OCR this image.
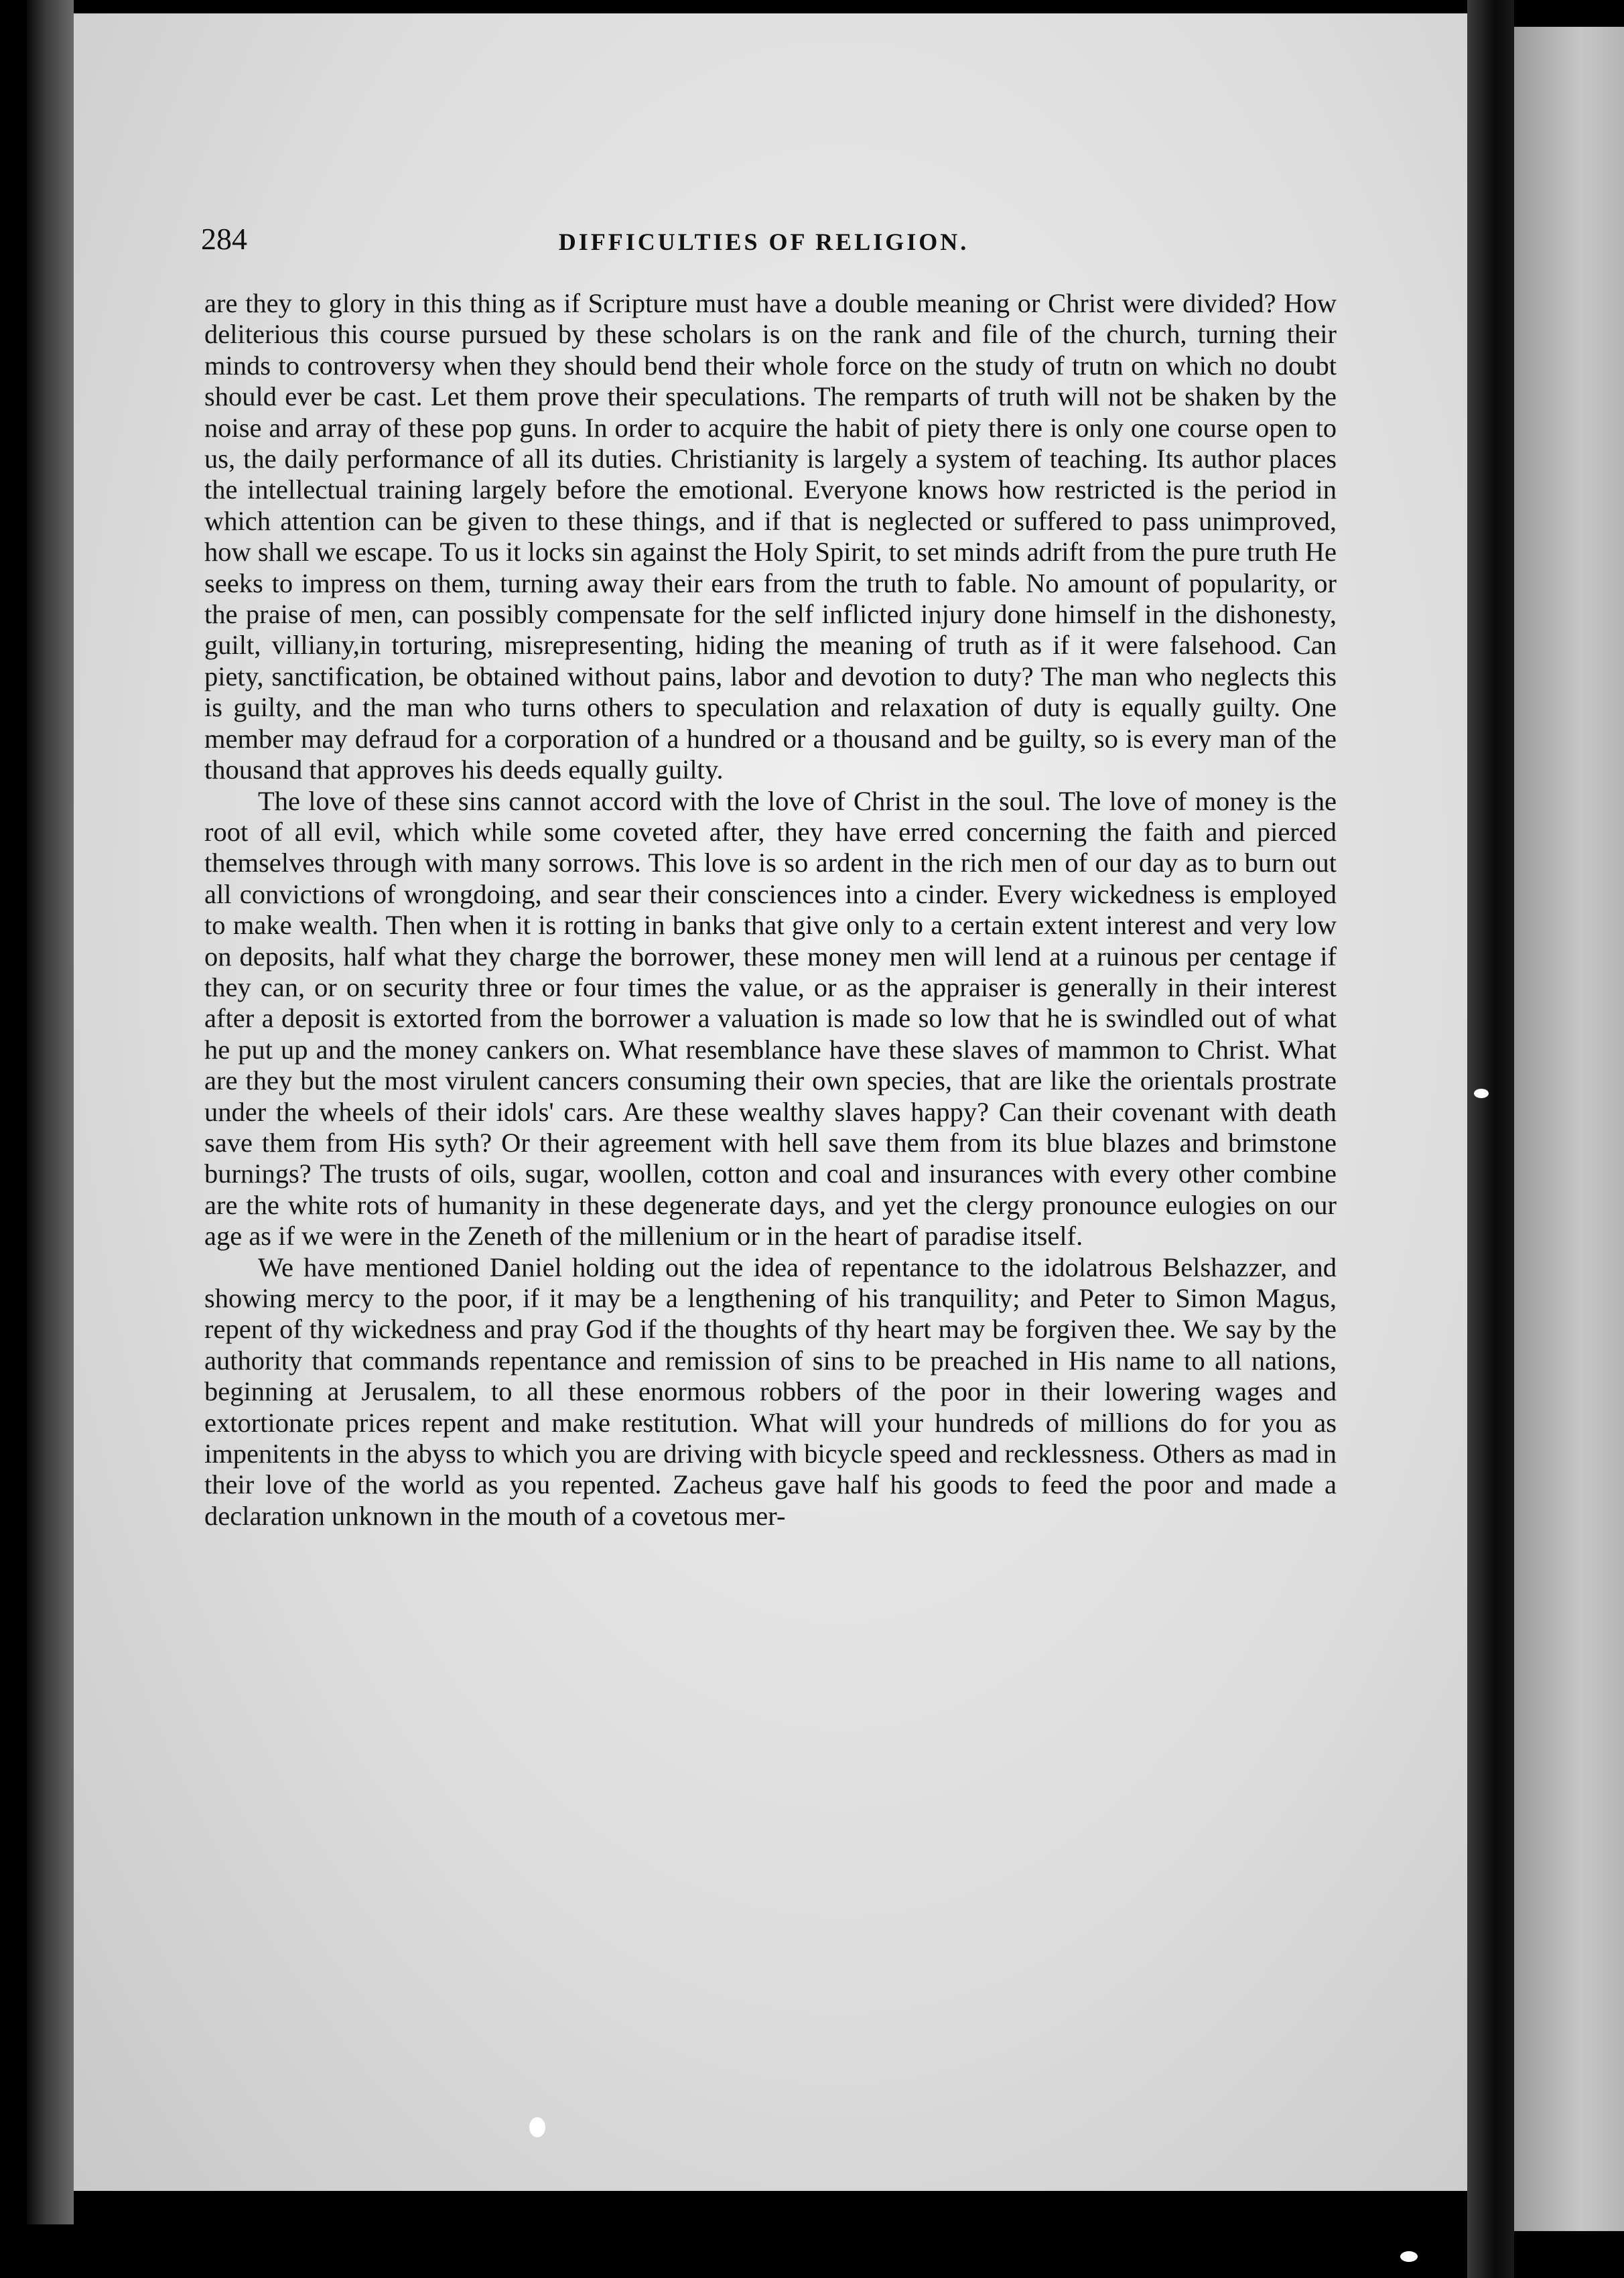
284	DIFFICULTIES OF RELIGION.

are they to glory in this thing as if Scripture must have a double meaning or Christ were divided? How deliterious this course pursued by these scholars is on the rank and file of the church, turning their minds to controversy when they should bend their whole force on the study of trutn on which no doubt should ever be cast. Let them prove their speculations. The remparts of truth will not be shaken by the noise and array of these pop guns. In order to acquire the habit of piety there is only one course open to us, the daily performance of all its duties. Christianity is largely a system of teaching. Its author places the intellectual training largely before the emotional. Everyone knows how restricted is the period in which attention can be given to these things, and if that is neglected or suffered to pass unimproved, how shall we escape. To us it locks sin against the Holy Spirit, to set minds adrift from the pure truth He seeks to impress on them, turning away their ears from the truth to fable. No amount of popularity, or the praise of men, can possibly compensate for the self inflicted injury done himself in the dishonesty, guilt, villiany,in torturing, misrepresenting, hiding the meaning of truth as if it were falsehood. Can piety, sanctification, be obtained without pains, labor and devotion to duty? The man who neglects this is guilty, and the man who turns others to speculation and relaxation of duty is equally guilty. One member may defraud for a corporation of a hundred or a thousand and be guilty, so is every man of the thousand that approves his deeds equally guilty.

The love of these sins cannot accord with the love of Christ in the soul. The love of money is the root of all evil, which while some coveted after, they have erred concerning the faith and pierced themselves through with many sorrows. This love is so ardent in the rich men of our day as to burn out all convictions of wrongdoing, and sear their consciences into a cinder. Every wickedness is employed to make wealth. Then when it is rotting in banks that give only to a certain extent interest and very low on deposits, half what they charge the borrower, these money men will lend at a ruinous per centage if they can, or on security three or four times the value, or as the appraiser is generally in their interest after a deposit is extorted from the borrower a valuation is made so low that he is swindled out of what he put up and the money cankers on. What resemblance have these slaves of mammon to Christ. What are they but the most virulent cancers consuming their own species, that are like the orientals prostrate under the wheels of their idols' cars. Are these wealthy slaves happy? Can their covenant with death save them from His syth? Or their agreement with hell save them from its blue blazes and brimstone burnings? The trusts of oils, sugar, woollen, cotton and coal and insurances with every other combine are the white rots of humanity in these degenerate days, and yet the clergy pronounce eulogies on our age as if we were in the Zeneth of the millenium or in the heart of paradise itself.

We have mentioned Daniel holding out the idea of repentance to the idolatrous Belshazzer, and showing mercy to the poor, if it may be a lengthening of his tranquility; and Peter to Simon Magus, repent of thy wickedness and pray God if the thoughts of thy heart may be forgiven thee. We say by the authority that commands repentance and remission of sins to be preached in His name to all nations, beginning at Jerusalem, to all these enormous robbers of the poor in their lowering wages and extortionate prices repent and make restitution. What will your hundreds of millions do for you as impenitents in the abyss to which you are driving with bicycle speed and recklessness. Others as mad in their love of the world as you repented. Zacheus gave half his goods to feed the poor and made a declaration unknown in the mouth of a covetous mer-
